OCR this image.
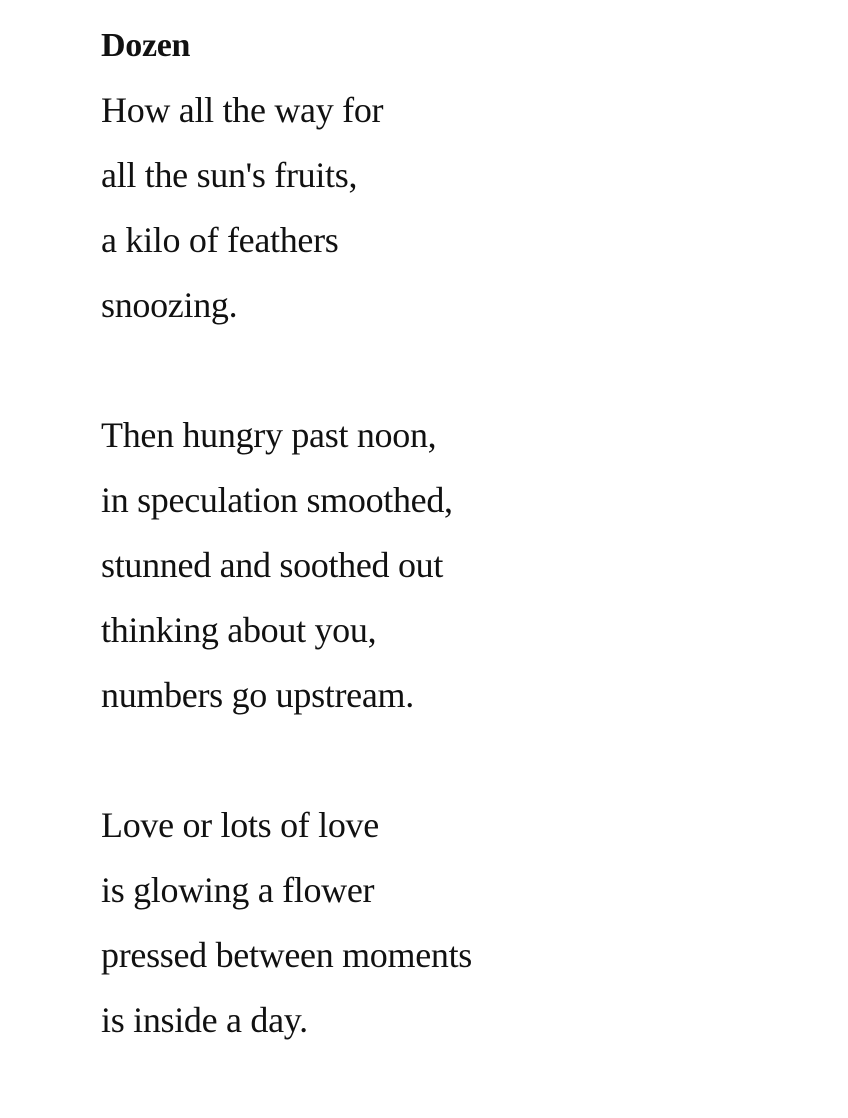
Dozen
How all the way for
all the sun's fruits,
a kilo of feathers
snoozing.
Then hungry past noon,
in speculation smoothed,
stunned and soothed out
thinking about you,
numbers go upstream.
Love or lots of love
is glowing a flower
pressed between moments
is inside a day.
